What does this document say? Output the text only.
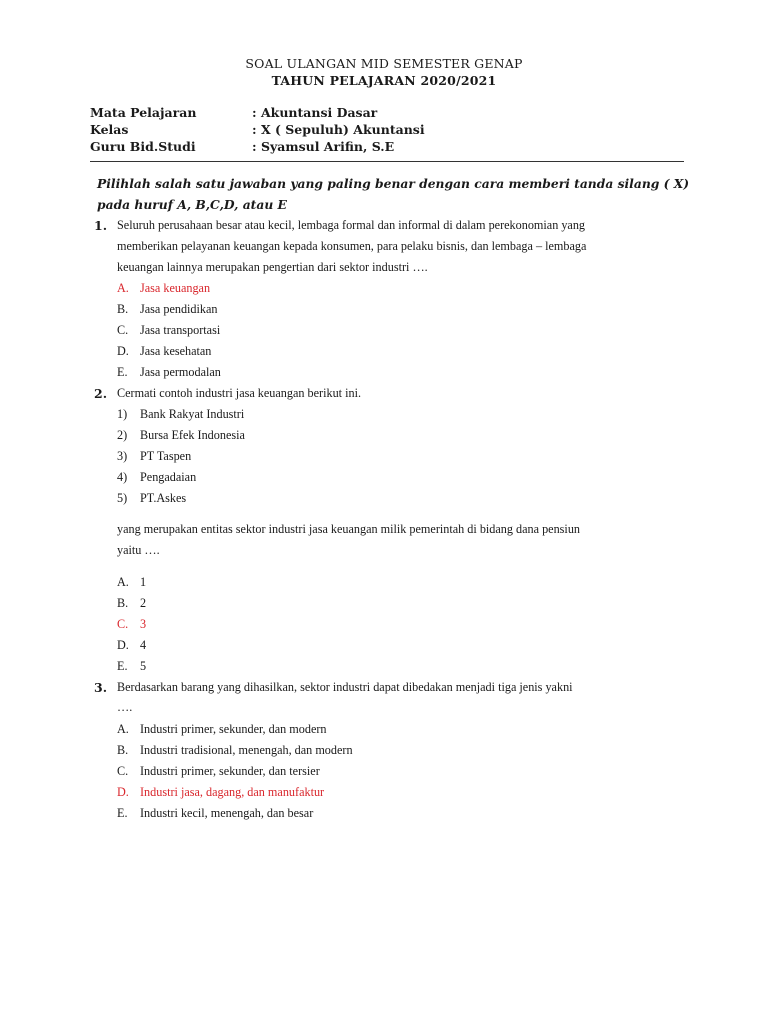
SOAL ULANGAN MID SEMESTER GENAP
TAHUN PELAJARAN 2020/2021
Mata Pelajaran	: Akuntansi Dasar
Kelas	: X ( Sepuluh) Akuntansi
Guru Bid.Studi	: Syamsul Arifin, S.E
Pilihlah salah satu jawaban yang paling benar dengan cara memberi tanda silang ( X) pada huruf A, B,C,D, atau E
1. Seluruh perusahaan besar atau kecil, lembaga formal dan informal di dalam perekonomian yang
memberikan pelayanan keuangan kepada konsumen, para pelaku bisnis, dan lembaga – lembaga
keuangan lainnya merupakan pengertian dari sektor industri ….
A. Jasa keuangan
B. Jasa pendidikan
C. Jasa transportasi
D. Jasa kesehatan
E. Jasa permodalan
2. Cermati contoh industri jasa keuangan berikut ini.
1) Bank Rakyat Industri
2) Bursa Efek Indonesia
3) PT Taspen
4) Pengadaian
5) PT.Askes
yang merupakan entitas sektor industri jasa keuangan milik pemerintah di bidang dana pensiun
yaitu ….
A. 1
B. 2
C. 3
D. 4
E. 5
3. Berdasarkan barang yang dihasilkan, sektor industri dapat dibedakan menjadi tiga jenis yakni
….
A. Industri primer, sekunder, dan modern
B. Industri tradisional, menengah, dan modern
C. Industri primer, sekunder, dan tersier
D. Industri jasa, dagang, dan manufaktur
E. Industri kecil, menengah, dan besar
